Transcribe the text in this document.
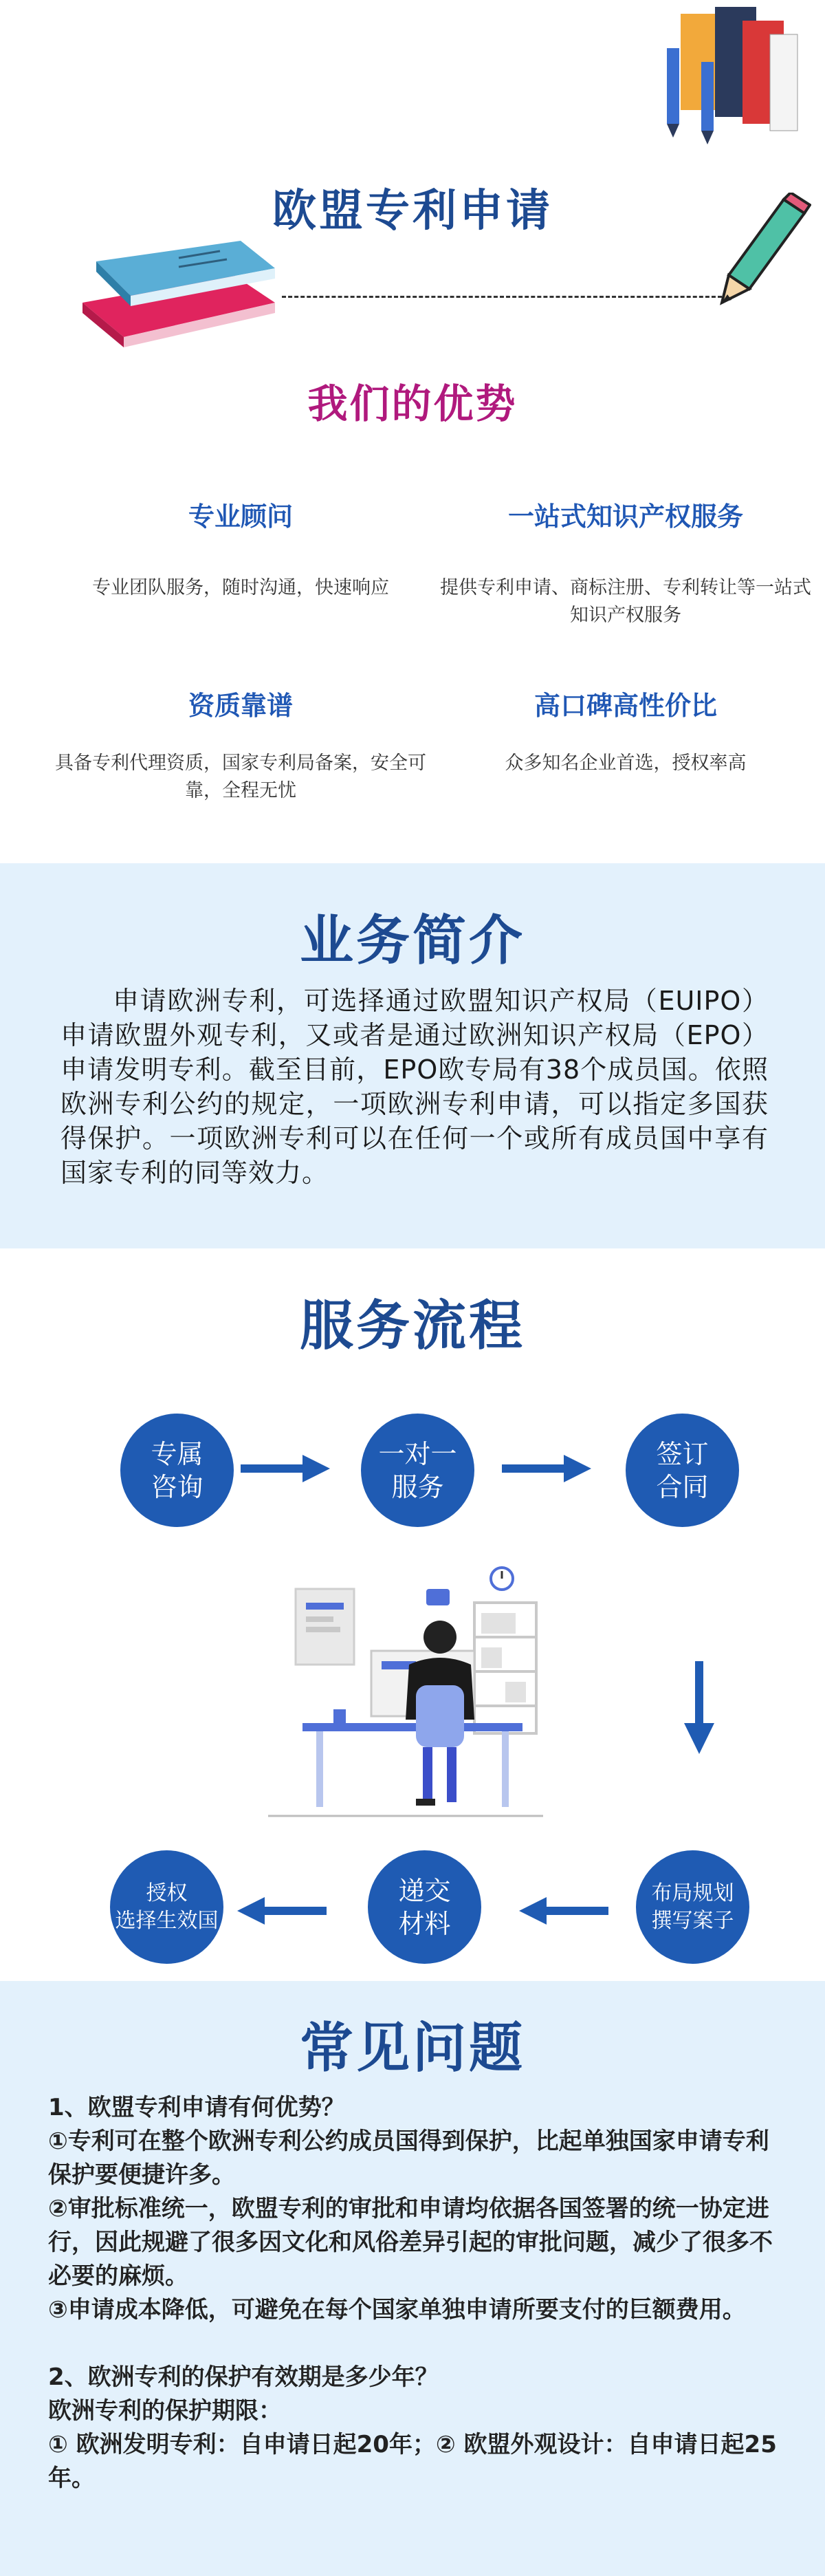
欧盟专利申请
我们的优势
专业顾问
专业团队服务，随时沟通，快速响应
一站式知识产权服务
提供专利申请、商标注册、专利转让等一站式知识产权服务
资质靠谱
具备专利代理资质，国家专利局备案，安全可靠，全程无忧
高口碑高性价比
众多知名企业首选，授权率高
业务简介
申请欧洲专利，可选择通过欧盟知识产权局（EUIPO）申请欧盟外观专利，又或者是通过欧洲知识产权局（EPO）申请发明专利。截至目前，EPO欧专局有38个成员国。依照欧洲专利公约的规定，一项欧洲专利申请，可以指定多国获得保护。一项欧洲专利可以在任何一个或所有成员国中享有国家专利的同等效力。
服务流程
专属
咨询
一对一
服务
签订
合同
授权
选择生效国
递交
材料
布局规划
撰写案子
常见问题

1、欧盟专利申请有何优势？

①专利可在整个欧洲专利公约成员国得到保护，比起单独国家申请专利保护要便捷许多。

②审批标准统一，欧盟专利的审批和申请均依据各国签署的统一协定进行，因此规避了很多因文化和风俗差异引起的审批问题，减少了很多不必要的麻烦。

③申请成本降低，可避免在每个国家单独申请所要支付的巨额费用。

2、欧洲专利的保护有效期是多少年？

欧洲专利的保护期限：

① 欧洲发明专利：自申请日起20年；② 欧盟外观设计：自申请日起25年。
